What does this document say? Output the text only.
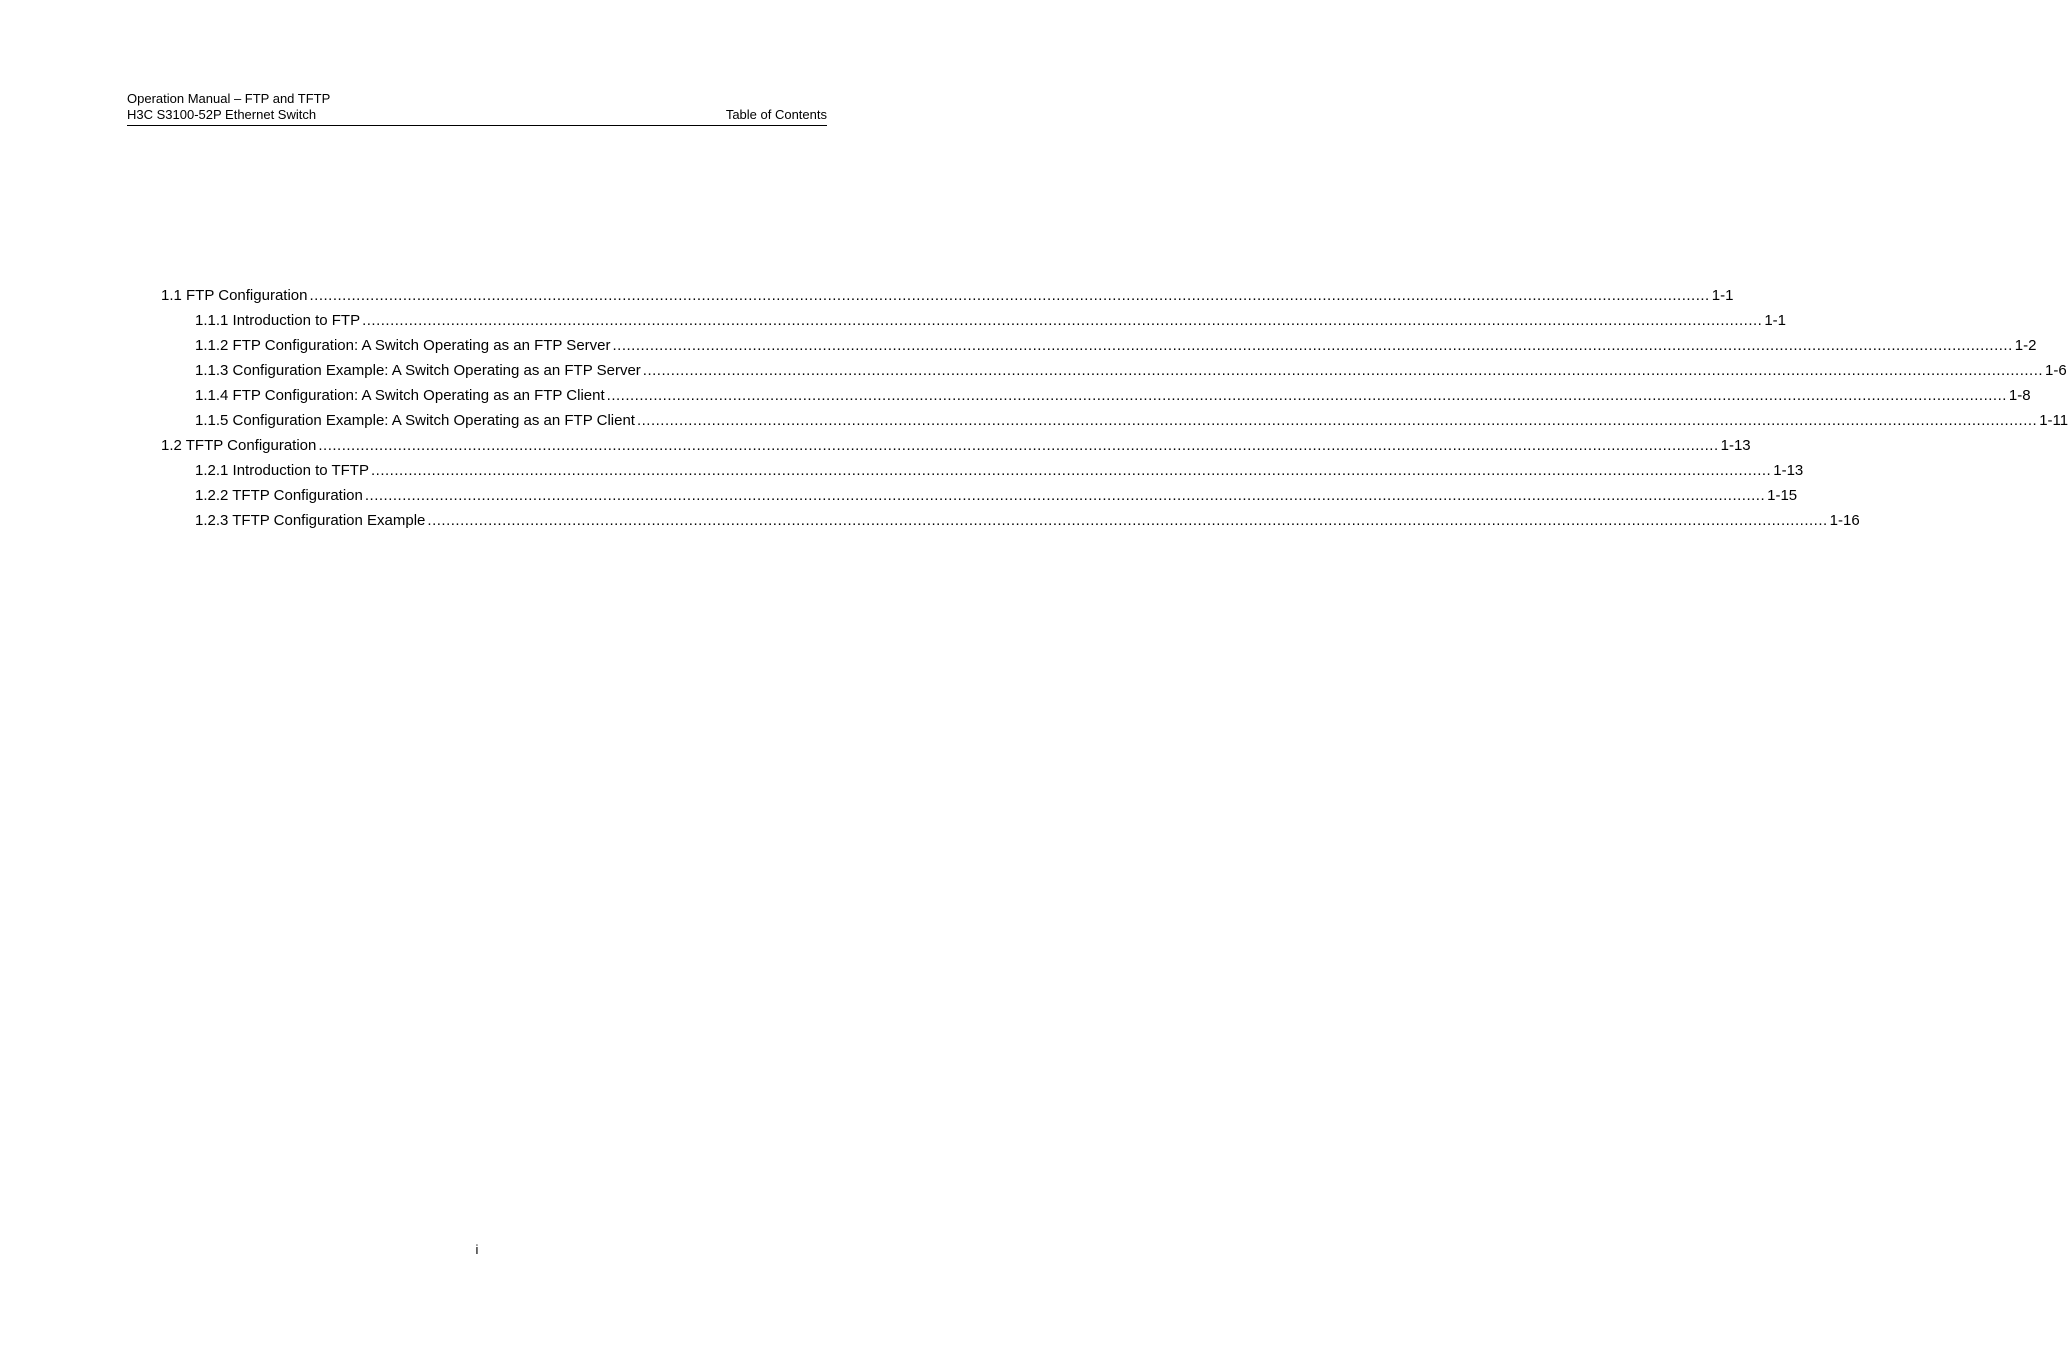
Operation Manual – FTP and TFTP
H3C S3100-52P Ethernet Switch	Table of Contents
1.1 FTP Configuration ............................................................................................................................................................................................................................................................................................................ 1-1
1.1.1 Introduction to FTP ............................................................................................................................................................................................................................................................................................................ 1-1
1.1.2 FTP Configuration: A Switch Operating as an FTP Server ............................................................................................................................................................................................................................................................................................................ 1-2
1.1.3 Configuration Example: A Switch Operating as an FTP Server ............................................................................................................................................................................................................................................................................................................ 1-6
1.1.4 FTP Configuration: A Switch Operating as an FTP Client ............................................................................................................................................................................................................................................................................................................ 1-8
1.1.5 Configuration Example: A Switch Operating as an FTP Client ............................................................................................................................................................................................................................................................................................................ 1-11
1.2 TFTP Configuration ............................................................................................................................................................................................................................................................................................................ 1-13
1.2.1 Introduction to TFTP ............................................................................................................................................................................................................................................................................................................ 1-13
1.2.2 TFTP Configuration ............................................................................................................................................................................................................................................................................................................ 1-15
1.2.3 TFTP Configuration Example ............................................................................................................................................................................................................................................................................................................ 1-16
i
